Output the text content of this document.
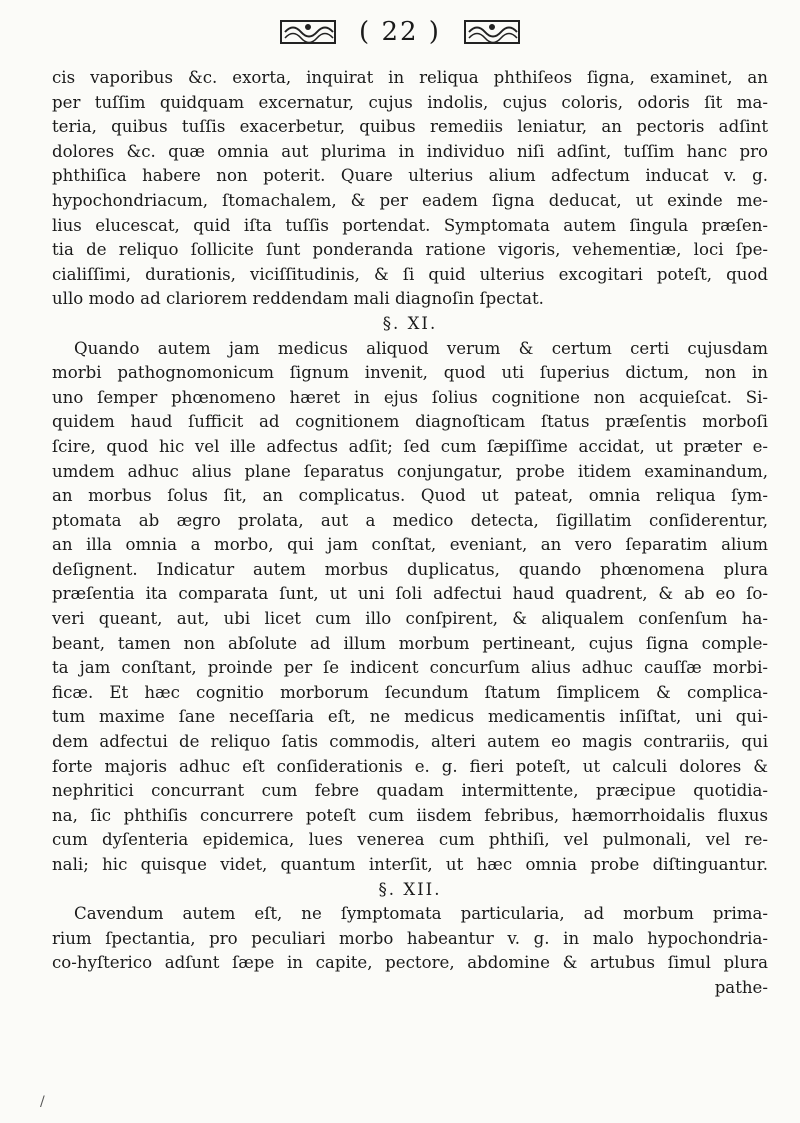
( 22 )
cis vaporibus &c. exorta, inquirat in reliqua phthiſeos ſigna, examinet, an
per tuſſim quidquam excernatur, cujus indolis, cujus coloris, odoris ſit ma-
teria, quibus tuſſis exacerbetur, quibus remediis leniatur, an pectoris adſint
dolores &c. quæ omnia aut plurima in individuo niſi adſint, tuſſim hanc pro
phthiſica habere non poterit. Quare ulterius alium adfectum inducat v. g.
hypochondriacum, ſtomachalem, & per eadem ſigna deducat, ut exinde me-
lius elucescat, quid iſta tuſſis portendat. Symptomata autem ſingula præſen-
tia de reliquo ſollicite ſunt ponderanda ratione vigoris, vehementiæ, loci ſpe-
cialiſſimi, durationis, viciſſitudinis, & ſi quid ulterius excogitari poteſt, quod
ullo modo ad clariorem reddendam mali diagnoſin ſpectat.
§. XI.
Quando autem jam medicus aliquod verum & certum certi cujusdam
morbi pathognomonicum ſignum invenit, quod uti ſuperius dictum, non in
uno ſemper phœnomeno hæret in ejus ſolius cognitione non acquieſcat. Si-
quidem haud ſufficit ad cognitionem diagnoſticam ſtatus præſentis morboſi
ſcire, quod hic vel ille adfectus adſit; ſed cum ſæpiſſime accidat, ut præter e-
umdem adhuc alius plane ſeparatus conjungatur, probe itidem examinandum,
an morbus ſolus ſit, an complicatus. Quod ut pateat, omnia reliqua ſym-
ptomata ab ægro prolata, aut a medico detecta, ſigillatim conſiderentur,
an illa omnia a morbo, qui jam conſtat, eveniant, an vero ſeparatim alium
deſignent. Indicatur autem morbus duplicatus, quando phœnomena plura
præſentia ita comparata ſunt, ut uni ſoli adfectui haud quadrent, & ab eo ſo-
veri queant, aut, ubi licet cum illo conſpirent, & aliqualem conſenſum ha-
beant, tamen non abſolute ad illum morbum pertineant, cujus ſigna comple-
ta jam conſtant, proinde per ſe indicent concurſum alius adhuc cauſſæ morbi-
ficæ. Et hæc cognitio morborum ſecundum ſtatum ſimplicem & complica-
tum maxime ſane neceſſaria eſt, ne medicus medicamentis inſiſtat, uni qui-
dem adfectui de reliquo ſatis commodis, alteri autem eo magis contrariis, qui
forte majoris adhuc eſt conſiderationis e. g. fieri poteſt, ut calculi dolores &
nephritici concurrant cum febre quadam intermittente, præcipue quotidia-
na, ſic phthiſis concurrere poteſt cum iisdem febribus, hæmorrhoidalis fluxus
cum dyſenteria epidemica, lues venerea cum phthiſi, vel pulmonali, vel re-
nali; hic quisque videt, quantum interſit, ut hæc omnia probe diſtinguantur.
§. XII.
Cavendum autem eſt, ne ſymptomata particularia, ad morbum prima-
rium ſpectantia, pro peculiari morbo habeantur v. g. in malo hypochondria-
co-hyſterico adſunt ſæpe in capite, pectore, abdomine & artubus ſimul plura
pathe-
/
